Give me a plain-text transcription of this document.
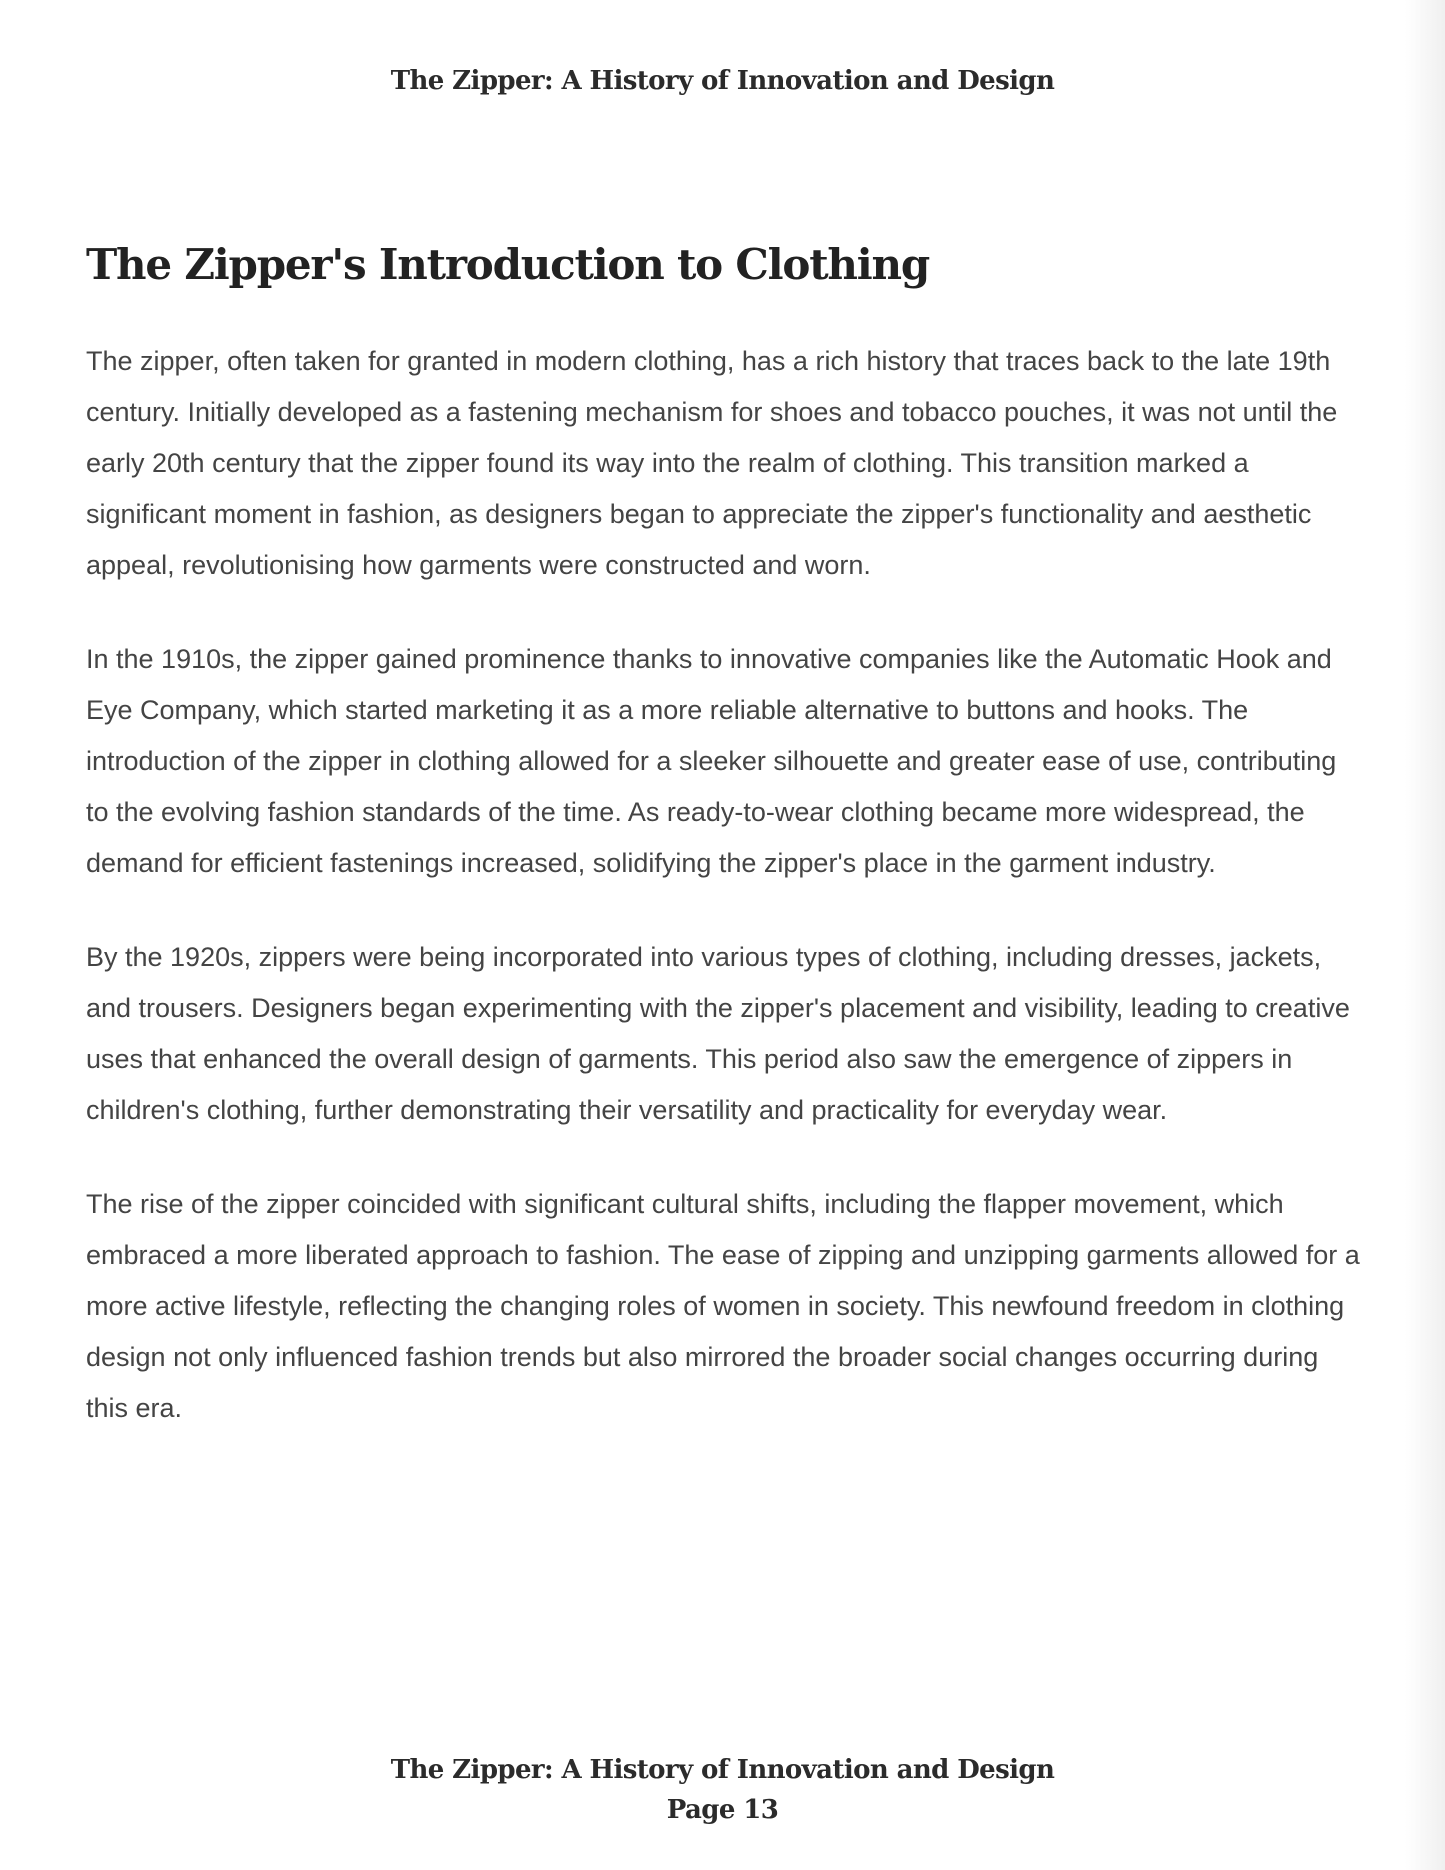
The Zipper: A History of Innovation and Design
The Zipper's Introduction to Clothing

The zipper, often taken for granted in modern clothing, has a rich history that traces back to the late 19th century. Initially developed as a fastening mechanism for shoes and tobacco pouches, it was not until the early 20th century that the zipper found its way into the realm of clothing. This transition marked a significant moment in fashion, as designers began to appreciate the zipper's functionality and aesthetic appeal, revolutionising how garments were constructed and worn.

In the 1910s, the zipper gained prominence thanks to innovative companies like the Automatic Hook and Eye Company, which started marketing it as a more reliable alternative to buttons and hooks. The introduction of the zipper in clothing allowed for a sleeker silhouette and greater ease of use, contributing to the evolving fashion standards of the time. As ready-to-wear clothing became more widespread, the demand for efficient fastenings increased, solidifying the zipper's place in the garment industry.

By the 1920s, zippers were being incorporated into various types of clothing, including dresses, jackets, and trousers. Designers began experimenting with the zipper's placement and visibility, leading to creative uses that enhanced the overall design of garments. This period also saw the emergence of zippers in children's clothing, further demonstrating their versatility and practicality for everyday wear.

The rise of the zipper coincided with significant cultural shifts, including the flapper movement, which embraced a more liberated approach to fashion. The ease of zipping and unzipping garments allowed for a more active lifestyle, reflecting the changing roles of women in society. This newfound freedom in clothing design not only influenced fashion trends but also mirrored the broader social changes occurring during this era.

The Zipper: A History of Innovation and Design
Page 13
